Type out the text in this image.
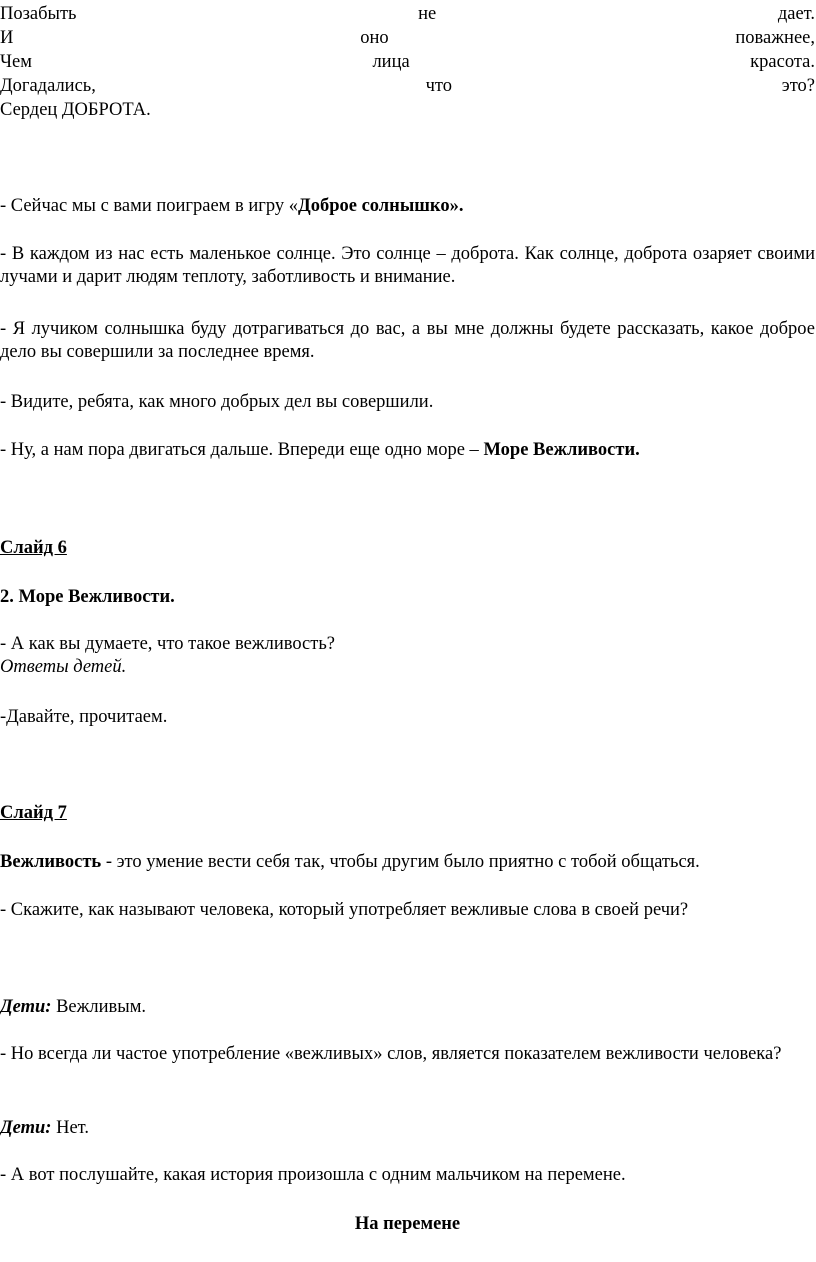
Позабыть	не	дает.
И	оно	поважнее,
Чем	лица	красота.
Догадались,	что	это?
Сердец ДОБРОТА.

- Сейчас мы с вами поиграем в игру «Доброе солнышко».

- В каждом из нас есть маленькое солнце. Это солнце – доброта. Как солнце, доброта озаряет своими лучами и дарит людям теплоту, заботливость и внимание.

- Я лучиком солнышка буду дотрагиваться до вас, а вы мне должны будете рассказать, какое доброе дело вы совершили за последнее время.

- Видите, ребята, как много добрых дел вы совершили.

- Ну, а нам пора двигаться дальше. Впереди еще одно море – Море Вежливости.

Слайд 6

2. Море Вежливости.

- А как вы думаете, что такое вежливость?

Ответы детей.

-Давайте, прочитаем.

Слайд 7

Вежливость - это умение вести себя так, чтобы другим было приятно с тобой общаться.

- Скажите, как называют человека, который употребляет вежливые слова в своей речи?

Дети: Вежливым.

- Но всегда ли частое употребление «вежливых» слов, является показателем вежливости человека?

Дети: Нет.

- А вот послушайте, какая история произошла с одним мальчиком на перемене.

На перемене
